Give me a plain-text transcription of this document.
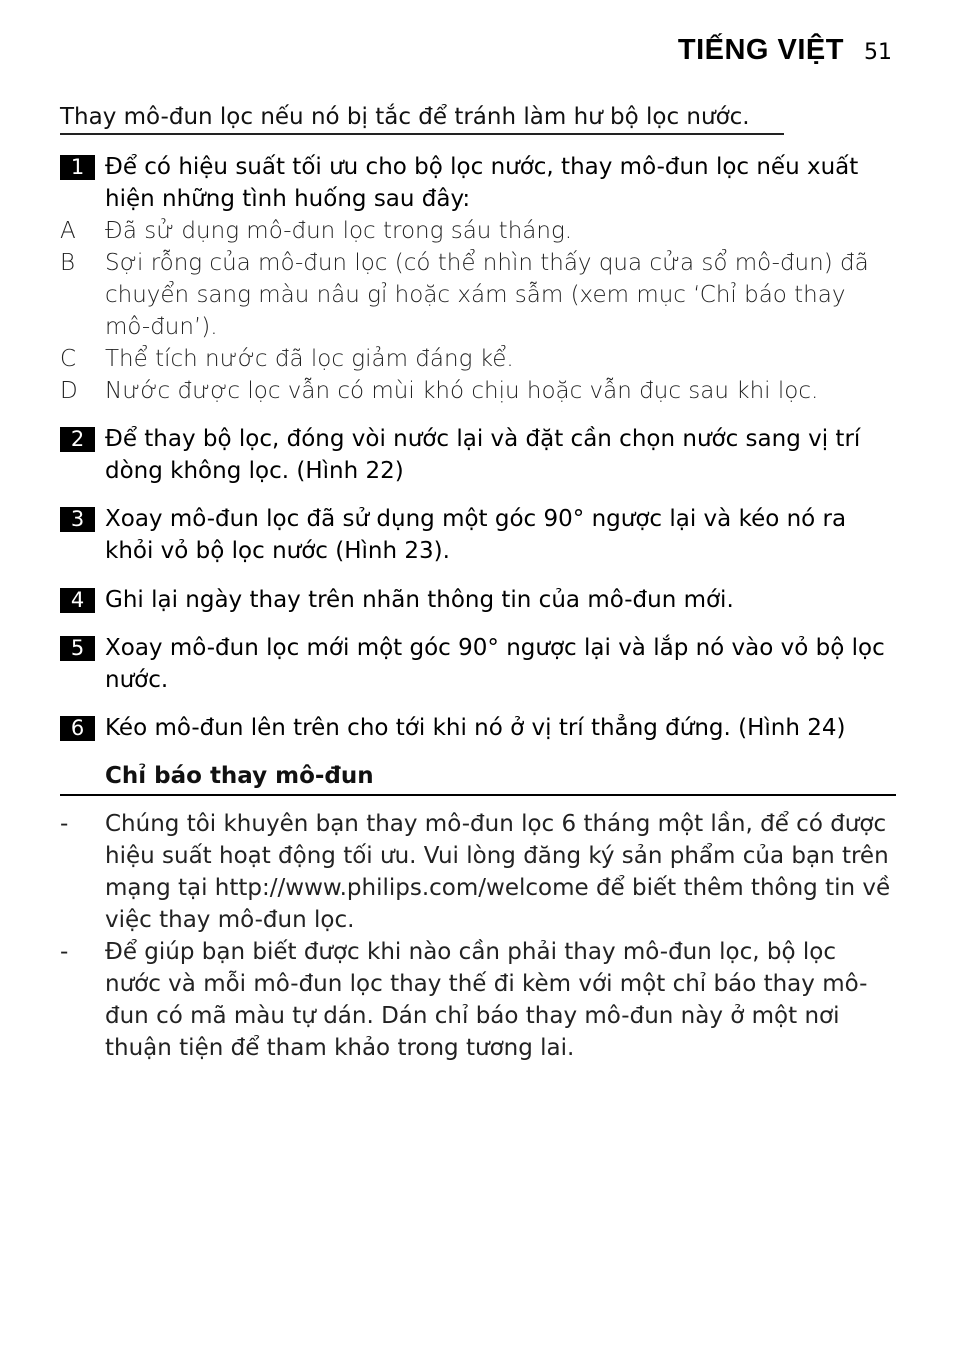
TIẾNG VIỆT 51
Thay mô-đun lọc nếu nó bị tắc để tránh làm hư bộ lọc nước.
1 Để có hiệu suất tối ưu cho bộ lọc nước, thay mô-đun lọc nếu xuất hiện những tình huống sau đây:
A	Đã sử dụng mô-đun lọc trong sáu tháng.
B	Sợi rỗng của mô-đun lọc (có thể nhìn thấy qua cửa sổ mô-đun) đã chuyển sang màu nâu gỉ hoặc xám sẫm (xem mục ‘Chỉ báo thay mô-đun’).
C	Thể tích nước đã lọc giảm đáng kể.
D	Nước được lọc vẫn có mùi khó chịu hoặc vẫn đục sau khi lọc.
2 Để thay bộ lọc, đóng vòi nước lại và đặt cần chọn nước sang vị trí dòng không lọc. (Hình 22)
3 Xoay mô-đun lọc đã sử dụng một góc 90° ngược lại và kéo nó ra khỏi vỏ bộ lọc nước (Hình 23).
4 Ghi lại ngày thay trên nhãn thông tin của mô-đun mới.
5 Xoay mô-đun lọc mới một góc 90° ngược lại và lắp nó vào vỏ bộ lọc nước.
6 Kéo mô-đun lên trên cho tới khi nó ở vị trí thẳng đứng. (Hình 24)
Chỉ báo thay mô-đun
- Chúng tôi khuyên bạn thay mô-đun lọc 6 tháng một lần, để có được hiệu suất hoạt động tối ưu. Vui lòng đăng ký sản phẩm của bạn trên mạng tại http://www.philips.com/welcome để biết thêm thông tin về việc thay mô-đun lọc.
- Để giúp bạn biết được khi nào cần phải thay mô-đun lọc, bộ lọc nước và mỗi mô-đun lọc thay thế đi kèm với một chỉ báo thay mô-đun có mã màu tự dán. Dán chỉ báo thay mô-đun này ở một nơi thuận tiện để tham khảo trong tương lai.
